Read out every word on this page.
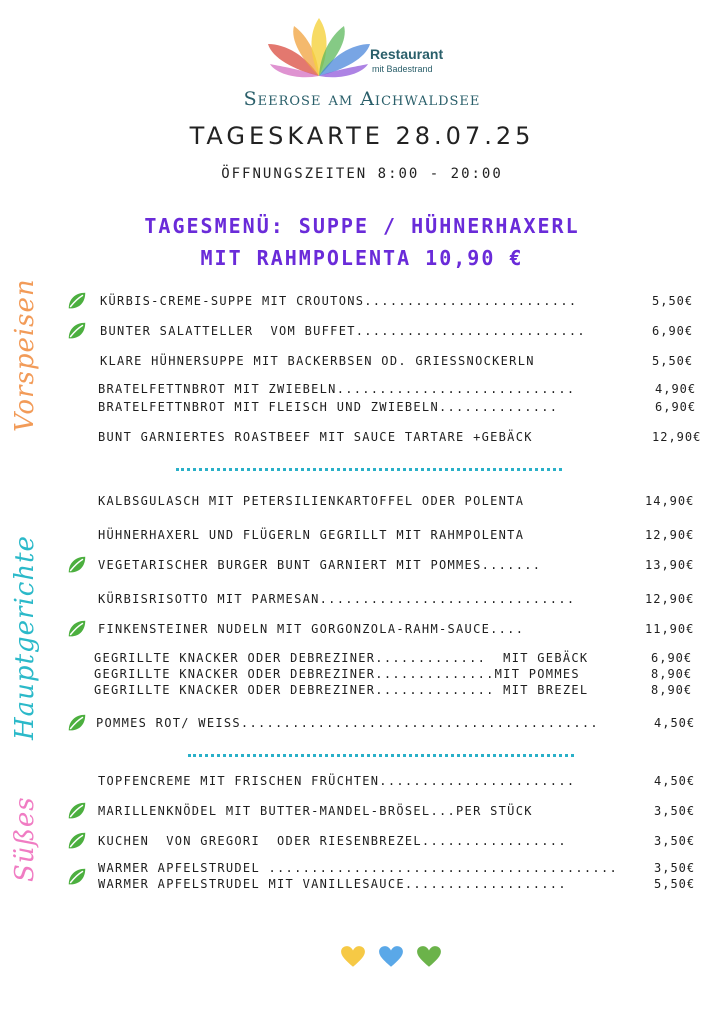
Restaurant
mit Badestrand
Seerose am Aichwaldsee
TAGESKARTE 28.07.25
ÖFFNUNGSZEITEN 8:00 - 20:00
TAGESMENÜ: SUPPE / HÜHNERHAXERL
MIT RAHMPOLENTA 10,90 €
Vorspeisen
Hauptgerichte
Süßes
KÜRBIS-CREME-SUPPE MIT CROUTONS.........................	5,50€
BUNTER SALATTELLER  VOM BUFFET...........................	6,90€
KLARE HÜHNERSUPPE MIT BACKERBSEN OD. GRIESSNOCKERLN	5,50€
BRATELFETTNBROT MIT ZWIEBELN............................	4,90€
BRATELFETTNBROT MIT FLEISCH UND ZWIEBELN..............	6,90€
BUNT GARNIERTES ROASTBEEF MIT SAUCE TARTARE +GEBÄCK	12,90€
KALBSGULASCH MIT PETERSILIENKARTOFFEL ODER POLENTA	14,90€
HÜHNERHAXERL UND FLÜGERLN GEGRILLT MIT RAHMPOLENTA	12,90€
VEGETARISCHER BURGER BUNT GARNIERT MIT POMMES.......	13,90€
KÜRBISRISOTTO MIT PARMESAN..............................	12,90€
FINKENSTEINER NUDELN MIT GORGONZOLA-RAHM-SAUCE....	11,90€
GEGRILLTE KNACKER ODER DEBREZINER.............  MIT GEBÄCK	6,90€
GEGRILLTE KNACKER ODER DEBREZINER..............MIT POMMES	8,90€
GEGRILLTE KNACKER ODER DEBREZINER.............. MIT BREZEL	8,90€
POMMES ROT/ WEISS..........................................	4,50€
TOPFENCREME MIT FRISCHEN FRÜCHTEN.......................	4,50€
MARILLENKNÖDEL MIT BUTTER-MANDEL-BRÖSEL...PER STÜCK	3,50€
KUCHEN  VON GREGORI  ODER RIESENBREZEL.................	3,50€
WARMER APFELSTRUDEL .........................................	3,50€
WARMER APFELSTRUDEL MIT VANILLESAUCE...................	5,50€
